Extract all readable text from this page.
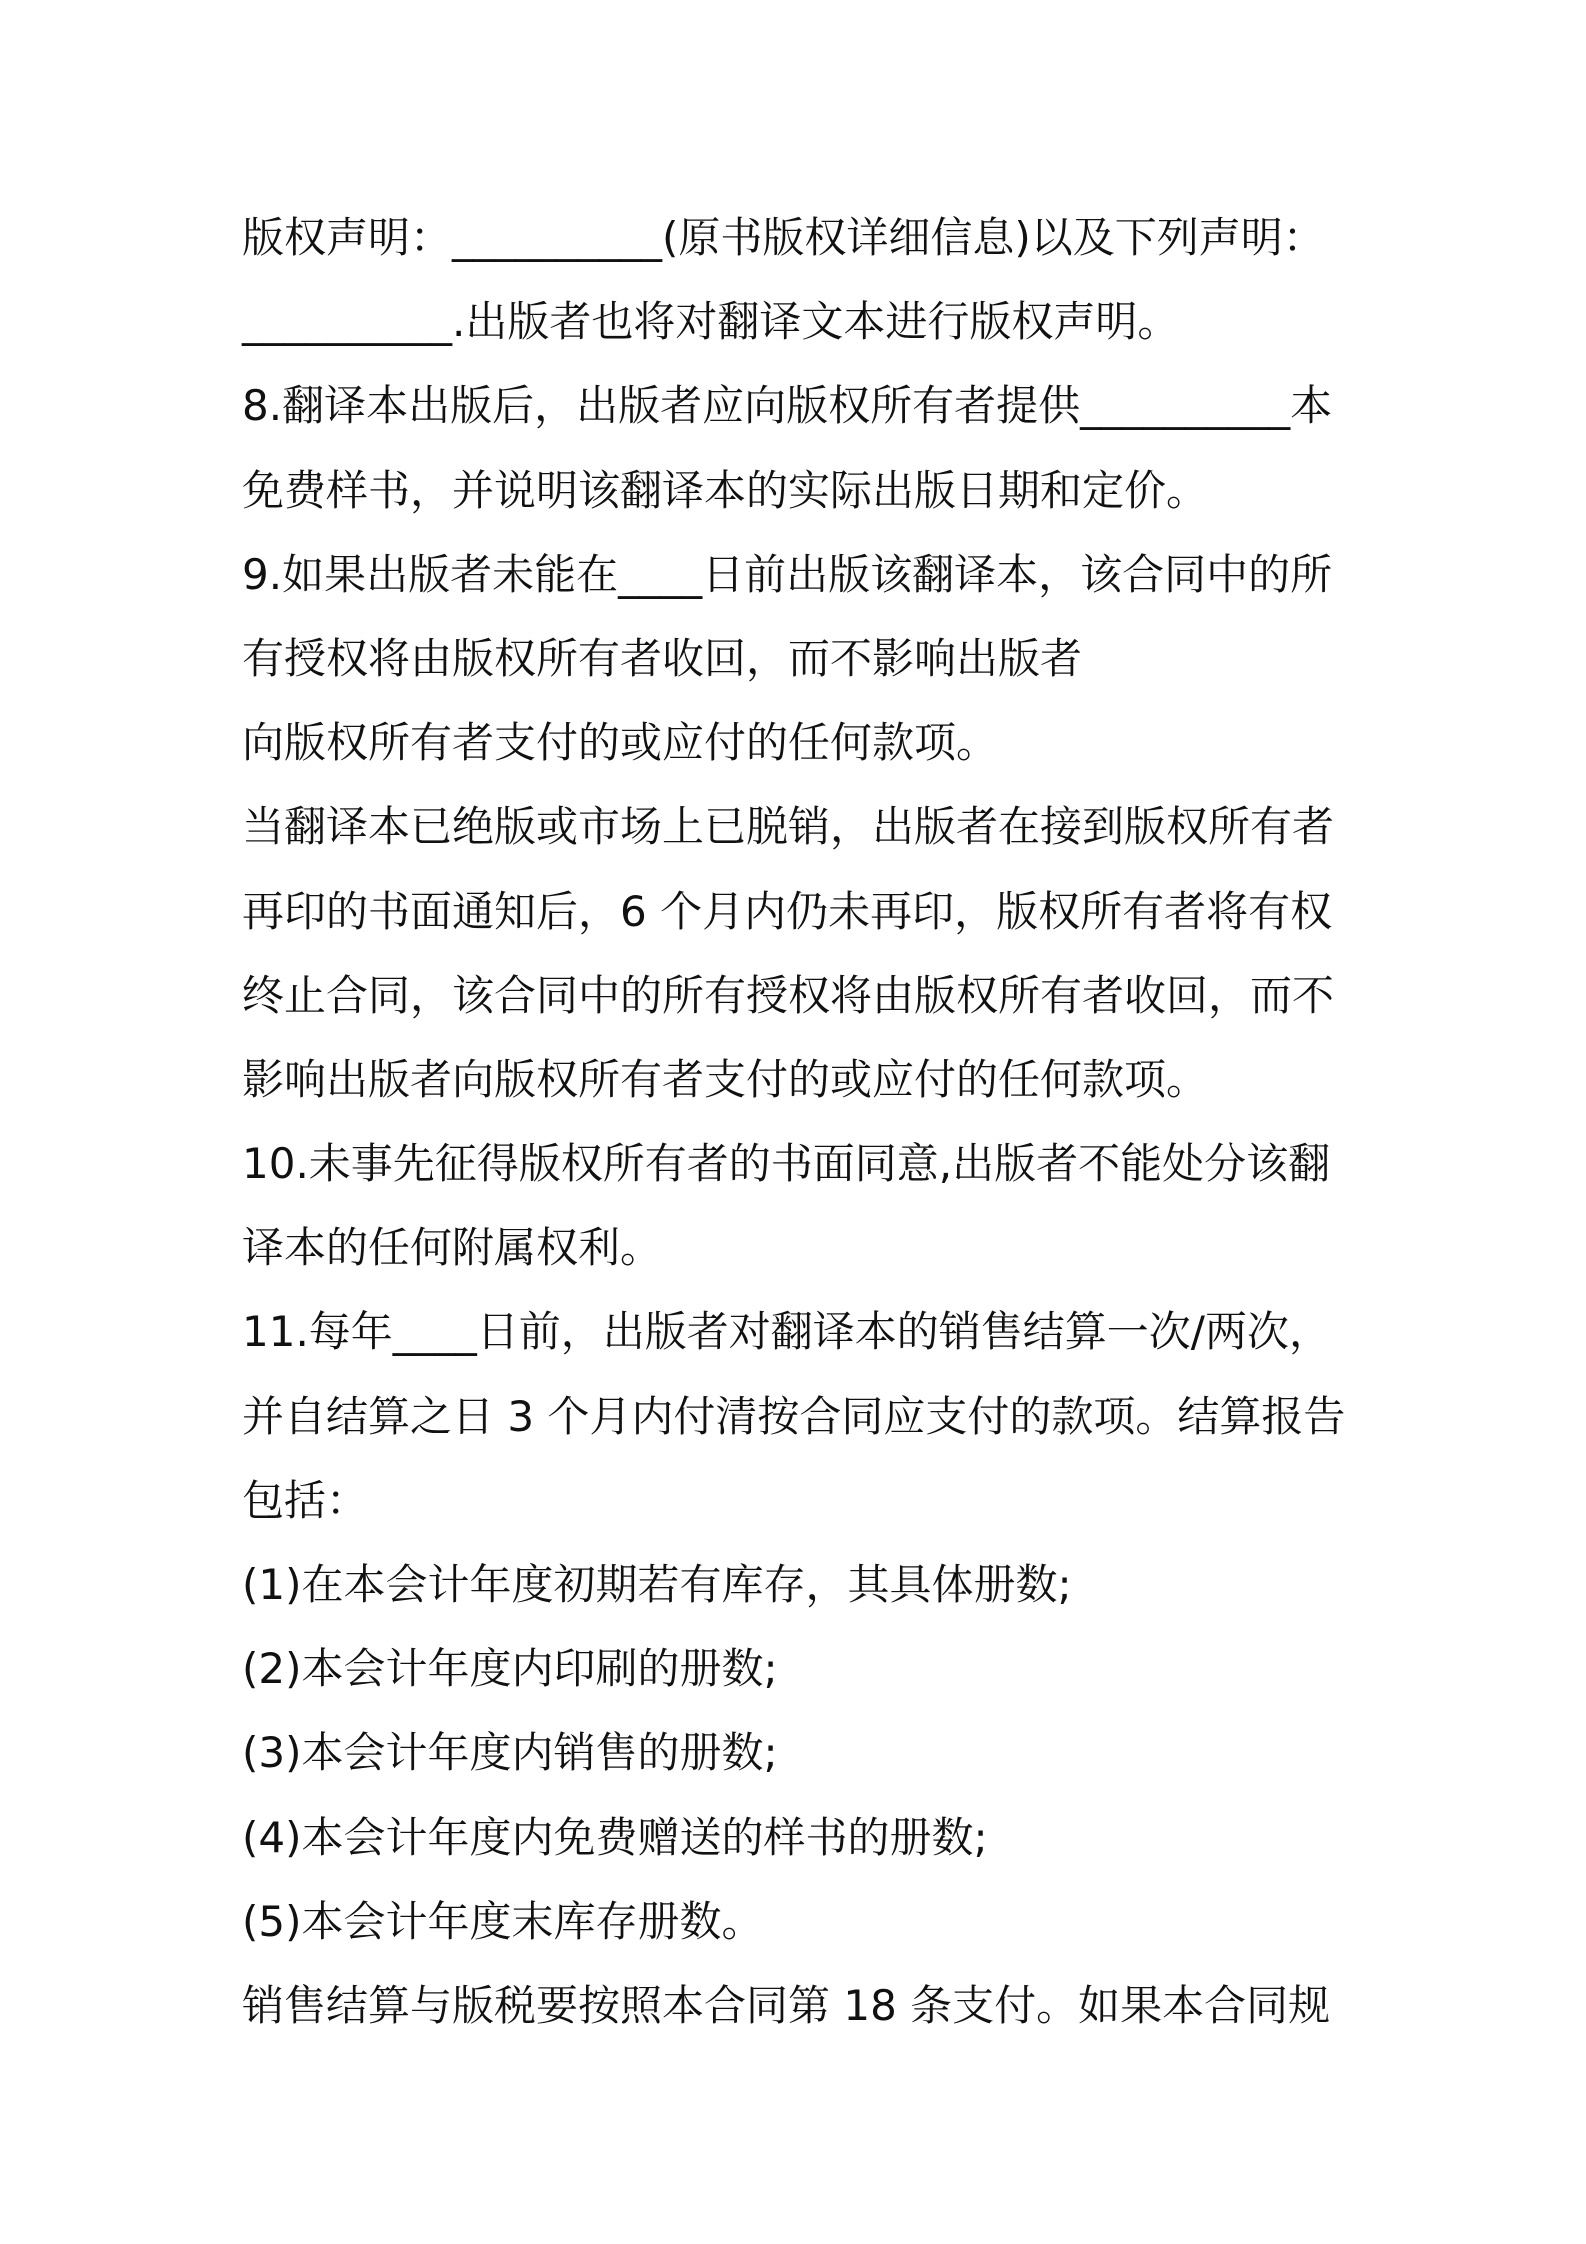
版权声明：__________(原书版权详细信息)以及下列声明：
__________.出版者也将对翻译文本进行版权声明。
8.翻译本出版后，出版者应向版权所有者提供__________本
免费样书，并说明该翻译本的实际出版日期和定价。
9.如果出版者未能在____日前出版该翻译本，该合同中的所
有授权将由版权所有者收回，而不影响出版者
向版权所有者支付的或应付的任何款项。
当翻译本已绝版或市场上已脱销，出版者在接到版权所有者
再印的书面通知后，6 个月内仍未再印，版权所有者将有权
终止合同，该合同中的所有授权将由版权所有者收回，而不
影响出版者向版权所有者支付的或应付的任何款项。
10.未事先征得版权所有者的书面同意,出版者不能处分该翻
译本的任何附属权利。
11.每年____日前，出版者对翻译本的销售结算一次/两次，
并自结算之日 3 个月内付清按合同应支付的款项。结算报告
包括：
(1)在本会计年度初期若有库存，其具体册数;
(2)本会计年度内印刷的册数;
(3)本会计年度内销售的册数;
(4)本会计年度内免费赠送的样书的册数;
(5)本会计年度末库存册数。
销售结算与版税要按照本合同第 18 条支付。如果本合同规
